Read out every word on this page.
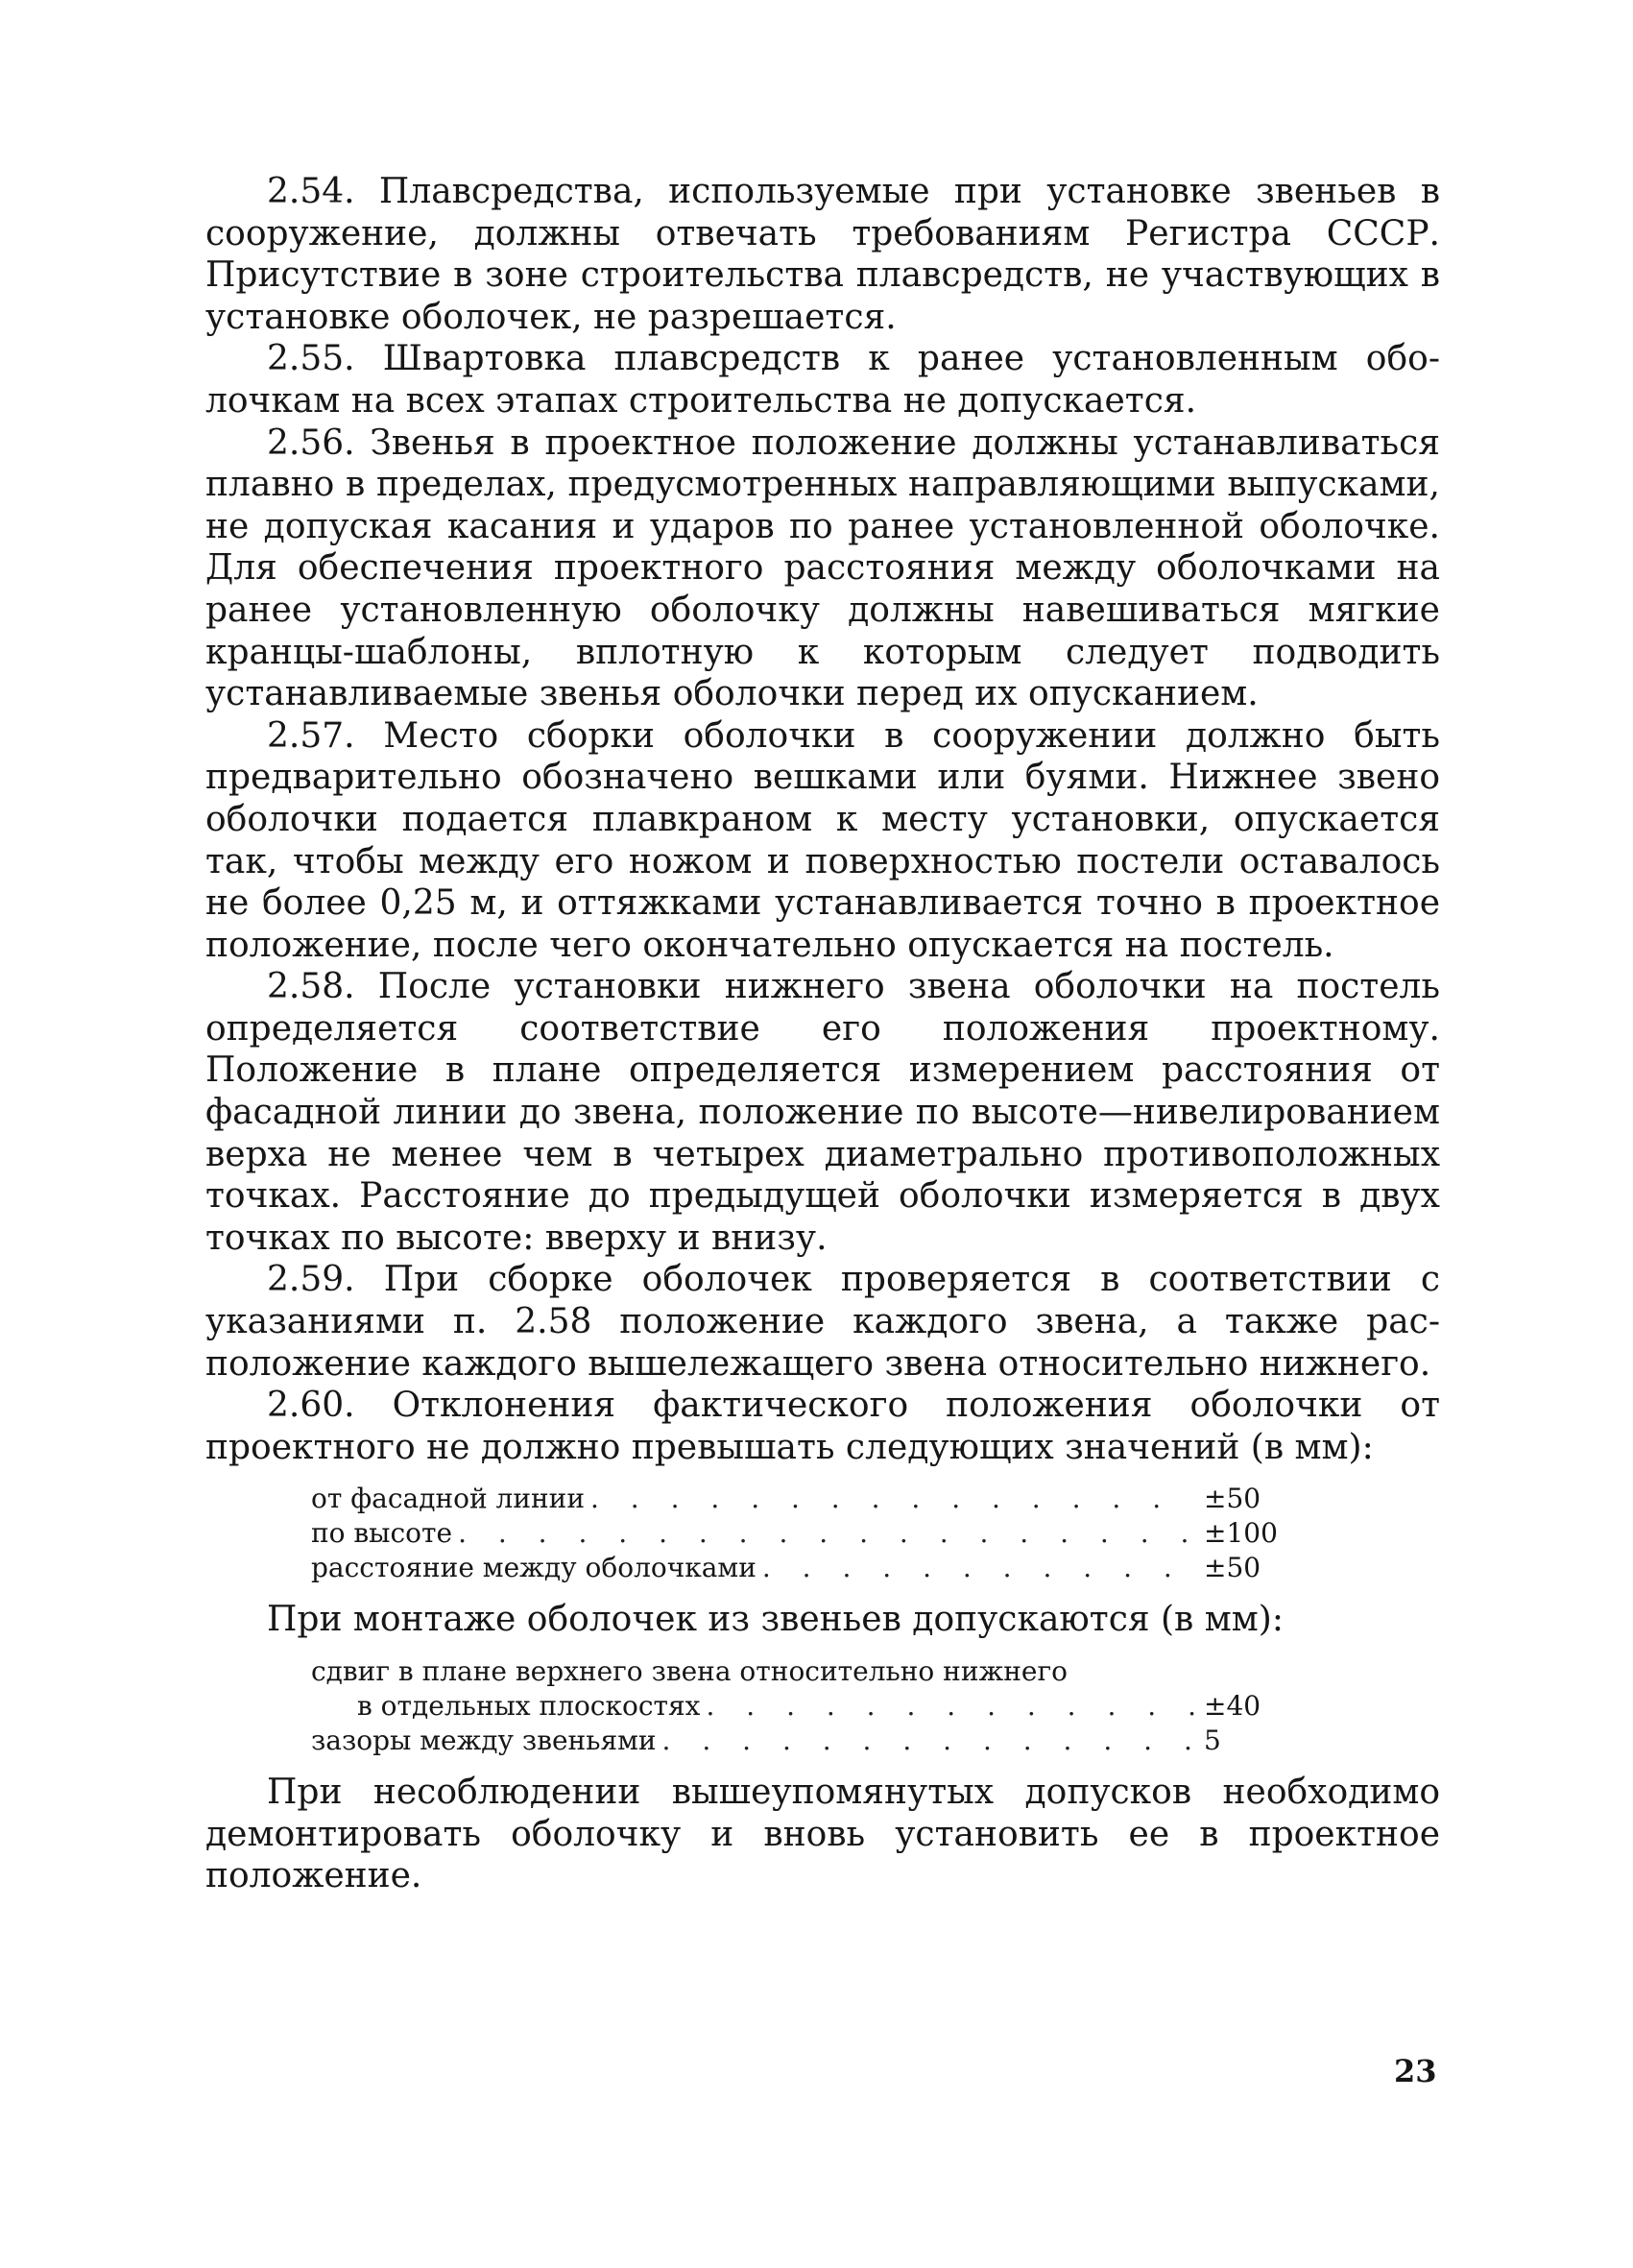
2.54. Плавсредства, используемые при установке звеньев в сооружение, должны отвечать требованиям Регистра СССР. Присутствие в зоне строительства плавсредств, не участвующих в установке оболочек, не разрешается.

2.55. Швартовка плавсредств к ранее установленным оболочкам на всех этапах строительства не допускается.

2.56. Звенья в проектное положение должны устанавливаться плавно в пределах, предусмотренных направляющими выпусками, не допуская касания и ударов по ранее установленной оболочке. Для обеспечения проектного расстояния между оболочками на ранее установленную оболочку должны навешиваться мягкие кранцы-шаблоны, вплотную к которым следует подводить устанавливаемые звенья оболочки перед их опусканием.

2.57. Место сборки оболочки в сооружении должно быть предварительно обозначено вешками или буями. Нижнее звено оболочки подается плавкраном к месту установки, опускается так, чтобы между его ножом и поверхностью постели оставалось не более 0,25 м, и оттяжками устанавливается точно в проектное положение, после чего окончательно опускается на постель.

2.58. После установки нижнего звена оболочки на постель определяется соответствие его положения проектному. Положение в плане определяется измерением расстояния от фасадной линии до звена, положение по высоте—нивелированием верха не менее чем в четырех диаметрально противоположных точках. Расстояние до предыдущей оболочки измеряется в двух точках по высоте: вверху и внизу.

2.59. При сборке оболочек проверяется в соответствии с указаниями п. 2.58 положение каждого звена, а также расположение каждого вышележащего звена относительно нижнего.

2.60. Отклонения фактического положения оболочки от проектного не должно превышать следующих значений (в мм):

от фасадной линии . . .	±50
по высоте . . .	±100
расстояние между оболочками . . .	±50

При монтаже оболочек из звеньев допускаются (в мм):

сдвиг в плане верхнего звена относительно нижнего
в отдельных плоскостях . . .	±40
зазоры между звеньями . . .	5

При несоблюдении вышеупомянутых допусков необходимо демонтировать оболочку и вновь установить ее в проектное положение.

23
